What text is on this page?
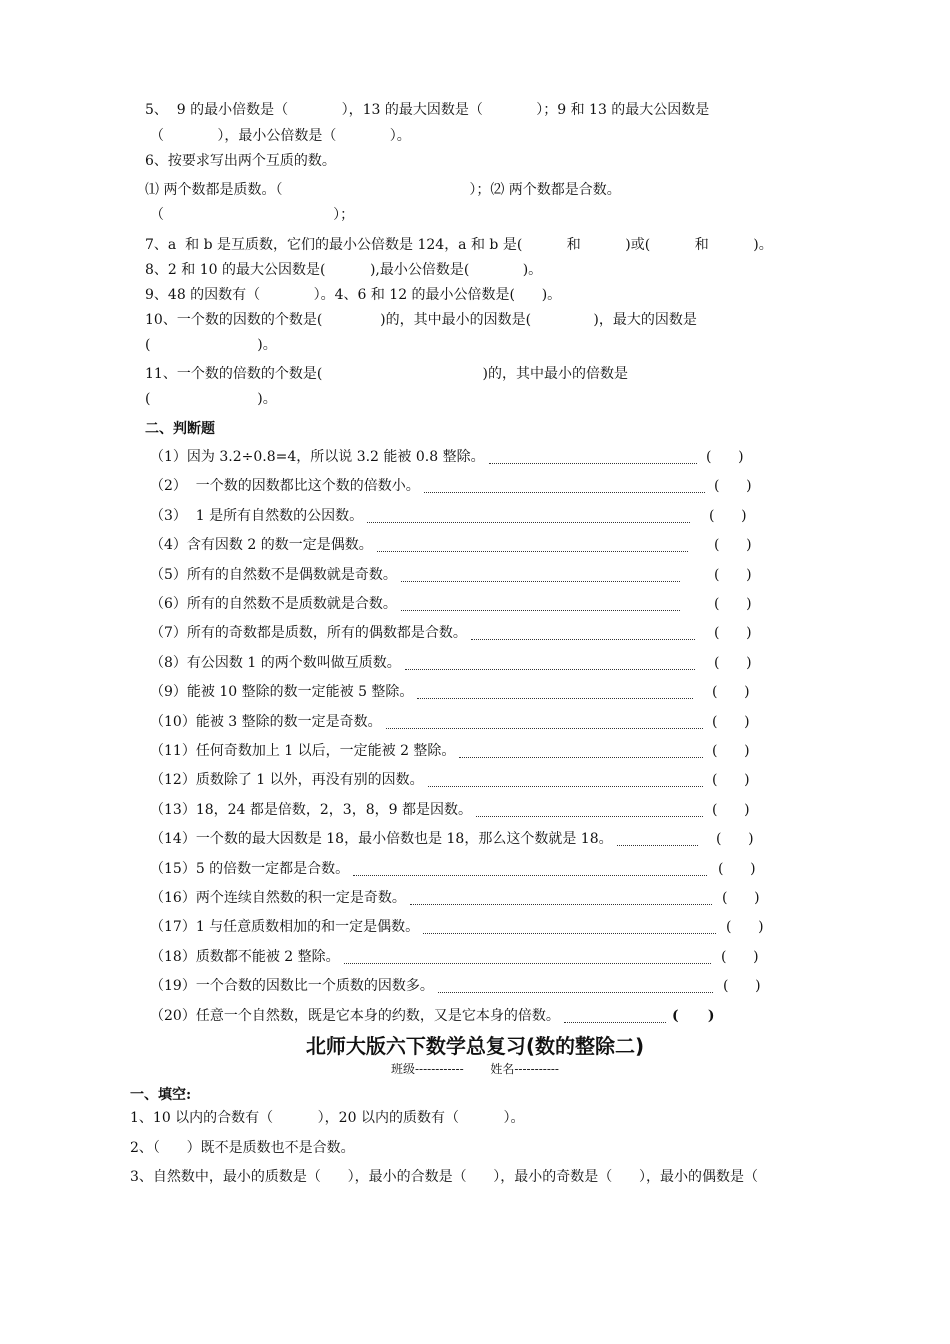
5、  9 的最小倍数是（            ），13 的最大因数是（            ）；9 和 13 的最大公因数是
（            ），最小公倍数是（            ）。
6、按要求写出两个互质的数。
⑴ 两个数都是质数。（                                          ）；⑵ 两个数都是合数。
（                                      ）；
7、a  和 b 是互质数，它们的最小公倍数是 124，a 和 b 是(          和          )或(          和          )。
8、2 和 10 的最大公因数是(          ),最小公倍数是(            )。
9、48 的因数有（            ）。4、6 和 12 的最小公倍数是(      )。
10、一个数的因数的个数是(             )的，其中最小的因数是(              )，最大的因数是
(                        )。
11、一个数的倍数的个数是(                                    )的，其中最小的倍数是
(                        )。
二、判断题
北师大版六下数学总复习(数的整除二)
班级------------ 姓名-----------
一、填空:
1、10 以内的合数有（          ），20 以内的质数有（          ）。
2、（      ）既不是质数也不是合数。
3、自然数中，最小的质数是（      ），最小的合数是（      ），最小的奇数是（      ），最小的偶数是（
（1）因为 3.2÷0.8=4，所以说 3.2 能被 0.8 整除。	(      )
（2）  一个数的因数都比这个数的倍数小。	(      )
（3）  1 是所有自然数的公因数。	(      )
（4）含有因数 2 的数一定是偶数。	(      )
（5）所有的自然数不是偶数就是奇数。	(      )
（6）所有的自然数不是质数就是合数。	(      )
（7）所有的奇数都是质数，所有的偶数都是合数。	(      )
（8）有公因数 1 的两个数叫做互质数。	(      )
（9）能被 10 整除的数一定能被 5 整除。	(      )
（10）能被 3 整除的数一定是奇数。	(      )
（11）任何奇数加上 1 以后，一定能被 2 整除。	(      )
（12）质数除了 1 以外，再没有别的因数。	(      )
（13）18，24 都是倍数，2，3，8，9 都是因数。	(      )
（14）一个数的最大因数是 18，最小倍数也是 18，那么这个数就是 18。	(      )
（15）5 的倍数一定都是合数。	(      )
（16）两个连续自然数的积一定是奇数。	(      )
（17）1 与任意质数相加的和一定是偶数。	(      )
（18）质数都不能被 2 整除。	(      )
（19）一个合数的因数比一个质数的因数多。	(      )
（20）任意一个自然数，既是它本身的约数，又是它本身的倍数。	(      )
